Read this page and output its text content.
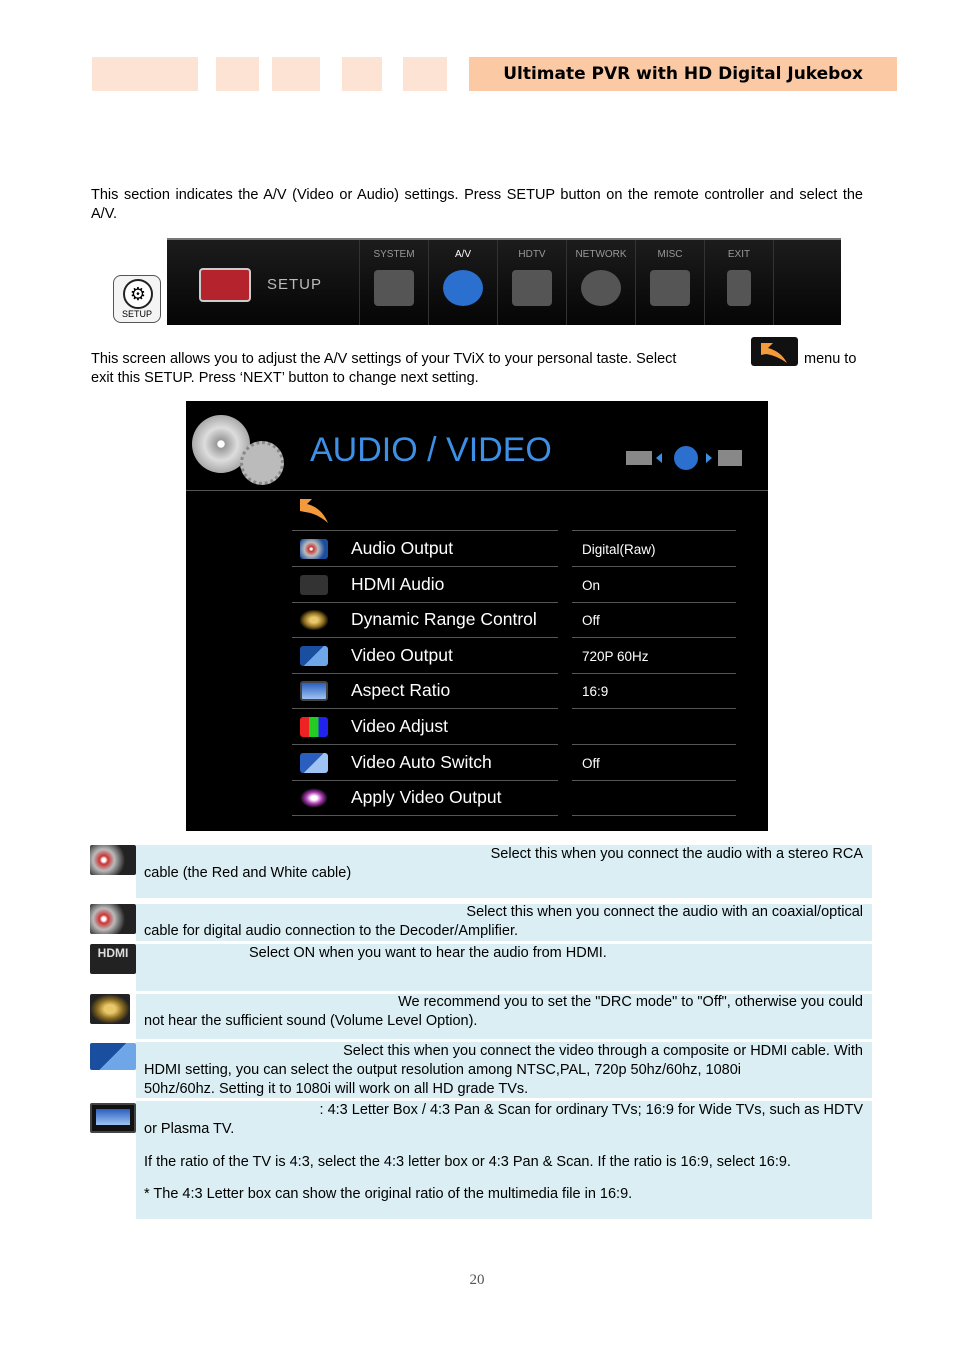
Ultimate PVR with HD Digital Jukebox
This section indicates the A/V (Video or Audio) settings. Press SETUP button on the remote controller and select the A/V.
⚙
SETUP
SETUP
SYSTEM	A/V	HDTV	NETWORK	MISC	EXIT
This screen allows you to adjust the A/V settings of your TViX to your personal taste. Select	menu to
exit this SETUP. Press ‘NEXT’ button to change next setting.
AUDIO / VIDEO
Audio Output	Digital(Raw)
HDMI Audio	On
Dynamic Range Control	Off
Video Output	720P 60Hz
Aspect Ratio	16:9
Video Adjust
Video Auto Switch	Off
Apply Video Output
HDMI
Select this when you connect the audio with a stereo RCA
cable (the Red and White cable)
Select this when you connect the audio with an coaxial/optical
cable for digital audio connection to the Decoder/Amplifier.
Select ON when you want to hear the audio from HDMI.
We recommend you to set the "DRC mode" to "Off", otherwise you could
not hear the sufficient sound (Volume Level Option).
Select this when you connect the video through a composite or HDMI cable. With
HDMI setting, you can select the output resolution among NTSC,PAL, 720p 50hz/60hz, 1080i
50hz/60hz. Setting it to 1080i will work on all HD grade TVs.
: 4:3 Letter Box / 4:3 Pan & Scan for ordinary TVs; 16:9 for Wide TVs, such as HDTV
or Plasma TV.
If the ratio of the TV is 4:3, select the 4:3 letter box or 4:3 Pan & Scan. If the ratio is 16:9, select 16:9.
* The 4:3 Letter box can show the original ratio of the multimedia file in 16:9.
20
